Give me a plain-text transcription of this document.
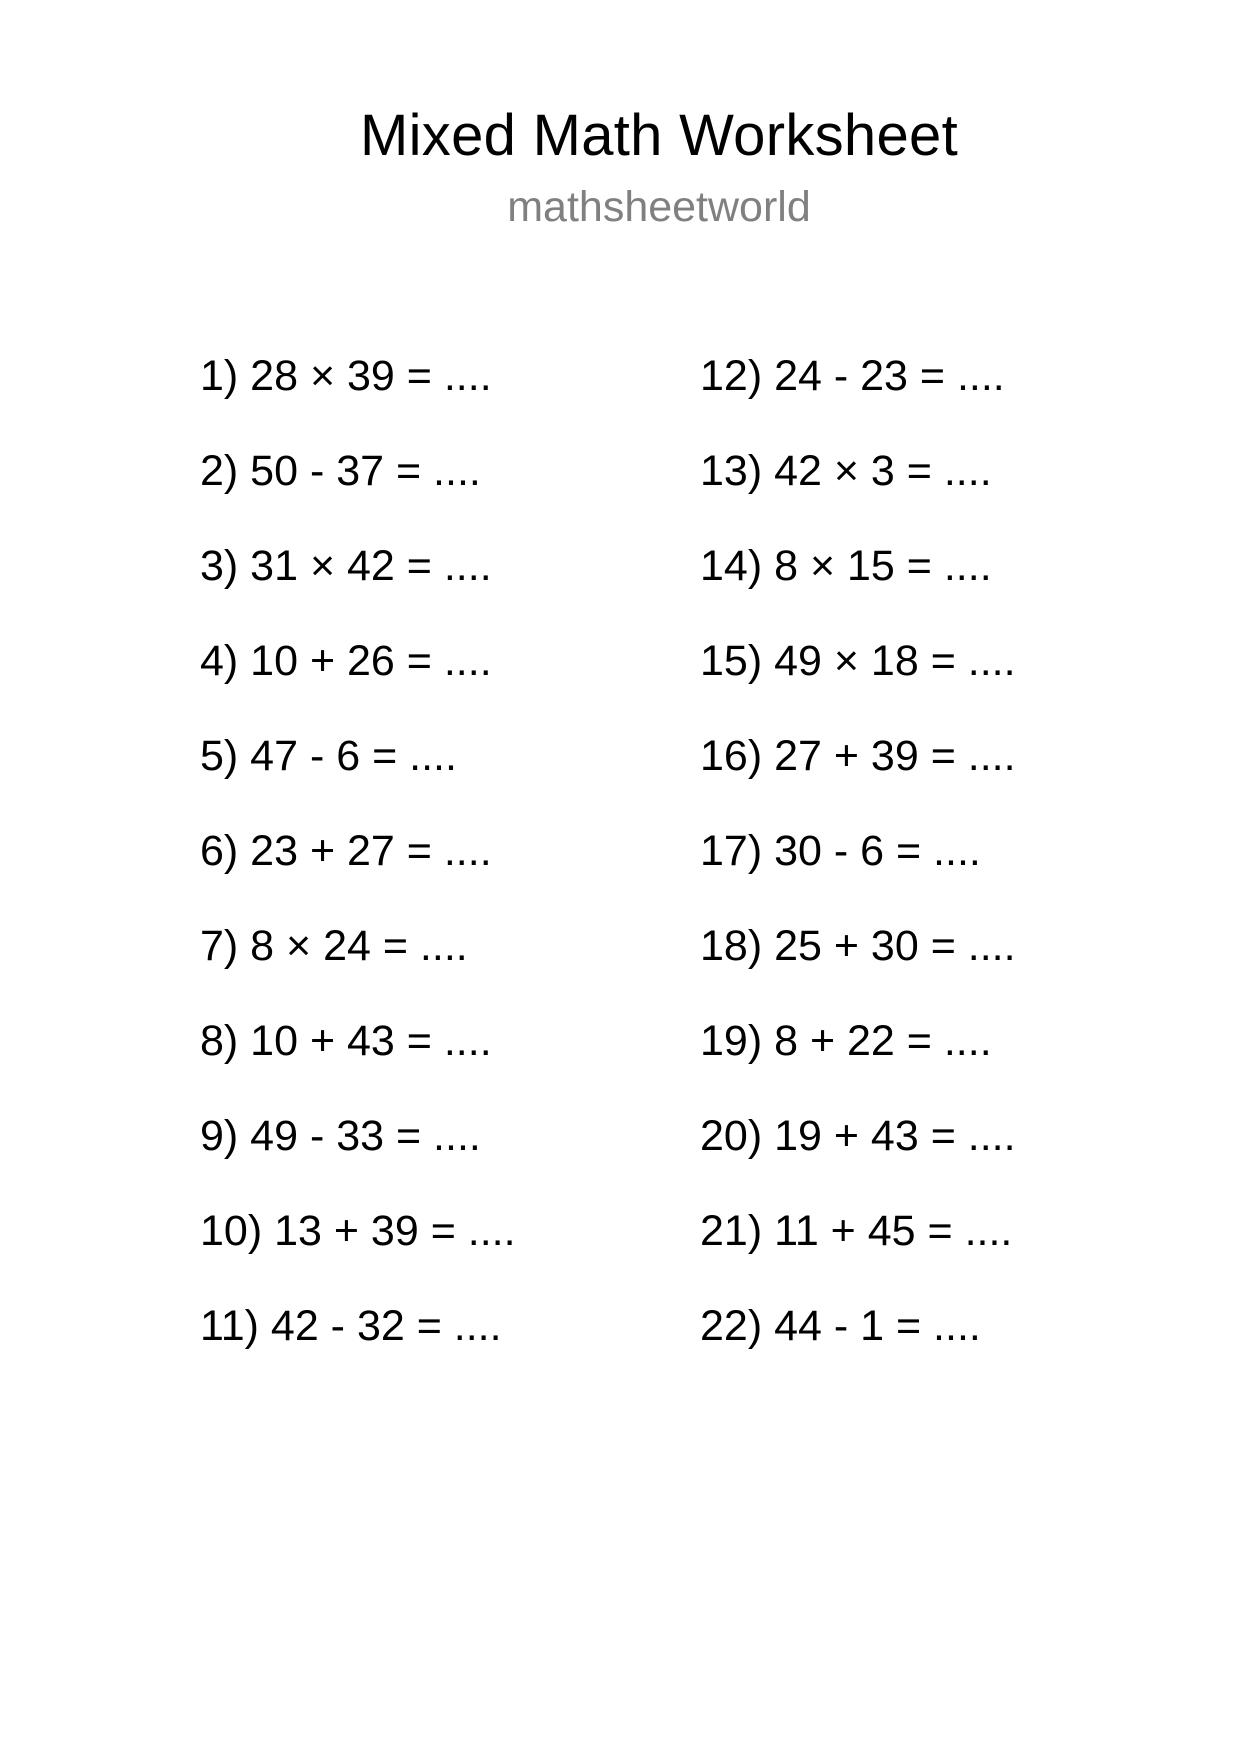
Mixed Math Worksheet
mathsheetworld
1) 28 × 39 = ....
2) 50 - 37 = ....
3) 31 × 42 = ....
4) 10 + 26 = ....
5) 47 - 6 = ....
6) 23 + 27 = ....
7) 8 × 24 = ....
8) 10 + 43 = ....
9) 49 - 33 = ....
10) 13 + 39 = ....
11) 42 - 32 = ....
12) 24 - 23 = ....
13) 42 × 3 = ....
14) 8 × 15 = ....
15) 49 × 18 = ....
16) 27 + 39 = ....
17) 30 - 6 = ....
18) 25 + 30 = ....
19) 8 + 22 = ....
20) 19 + 43 = ....
21) 11 + 45 = ....
22) 44 - 1 = ....
